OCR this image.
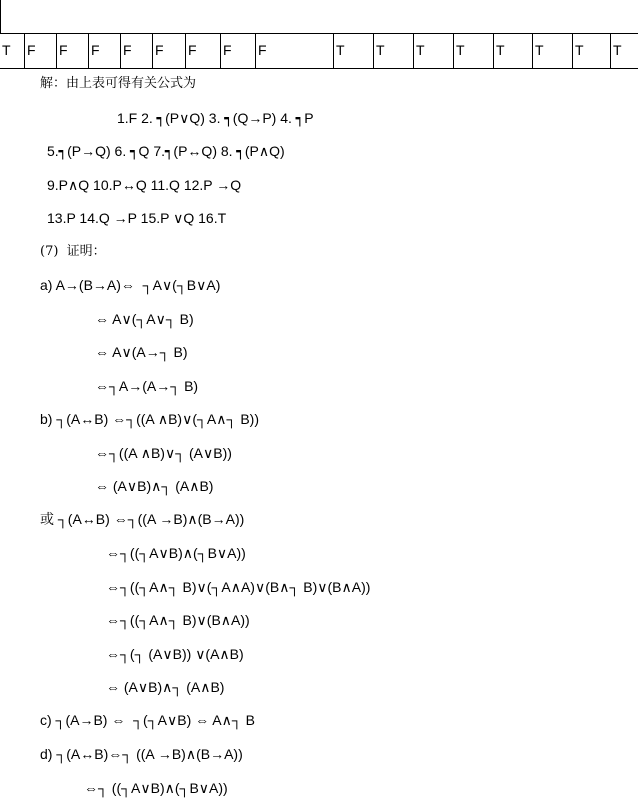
T	F	F	F	F	F	F	F	F	T	T	T	T	T	T	T	T
解：由上表可得有关公式为
1.F 2. ┑(P∨Q) 3. ┑(Q→P) 4. ┑P
5.┑(P→Q) 6. ┑Q 7.┑(P↔Q) 8. ┑(P∧Q)
9.P∧Q 10.P↔Q 11.Q 12.P →Q
13.P 14.Q →P 15.P ∨Q 16.T
(7)  证明：
a) A→(B→A)⇔  ┐A∨(┐B∨A)
⇔ A∨(┐A∨┐ B)
⇔ A∨(A→┐ B)
⇔┐A→(A→┐ B)
b) ┐(A↔B) ⇔┐((A ∧B)∨(┐A∧┐ B))
⇔┐((A ∧B)∨┐ (A∨B))
⇔ (A∨B)∧┐ (A∧B)
或 ┐(A↔B) ⇔┐((A →B)∧(B→A))
⇔┐((┐A∨B)∧(┐B∨A))
⇔┐((┐A∧┐ B)∨(┐A∧A)∨(B∧┐ B)∨(B∧A))
⇔┐((┐A∧┐ B)∨(B∧A))
⇔┐(┐ (A∨B)) ∨(A∧B)
⇔ (A∨B)∧┐ (A∧B)
c) ┐(A→B) ⇔  ┐(┐A∨B) ⇔ A∧┐ B
d) ┐(A↔B)⇔┐ ((A →B)∧(B→A))
⇔┐ ((┐A∨B)∧(┐B∨A))
